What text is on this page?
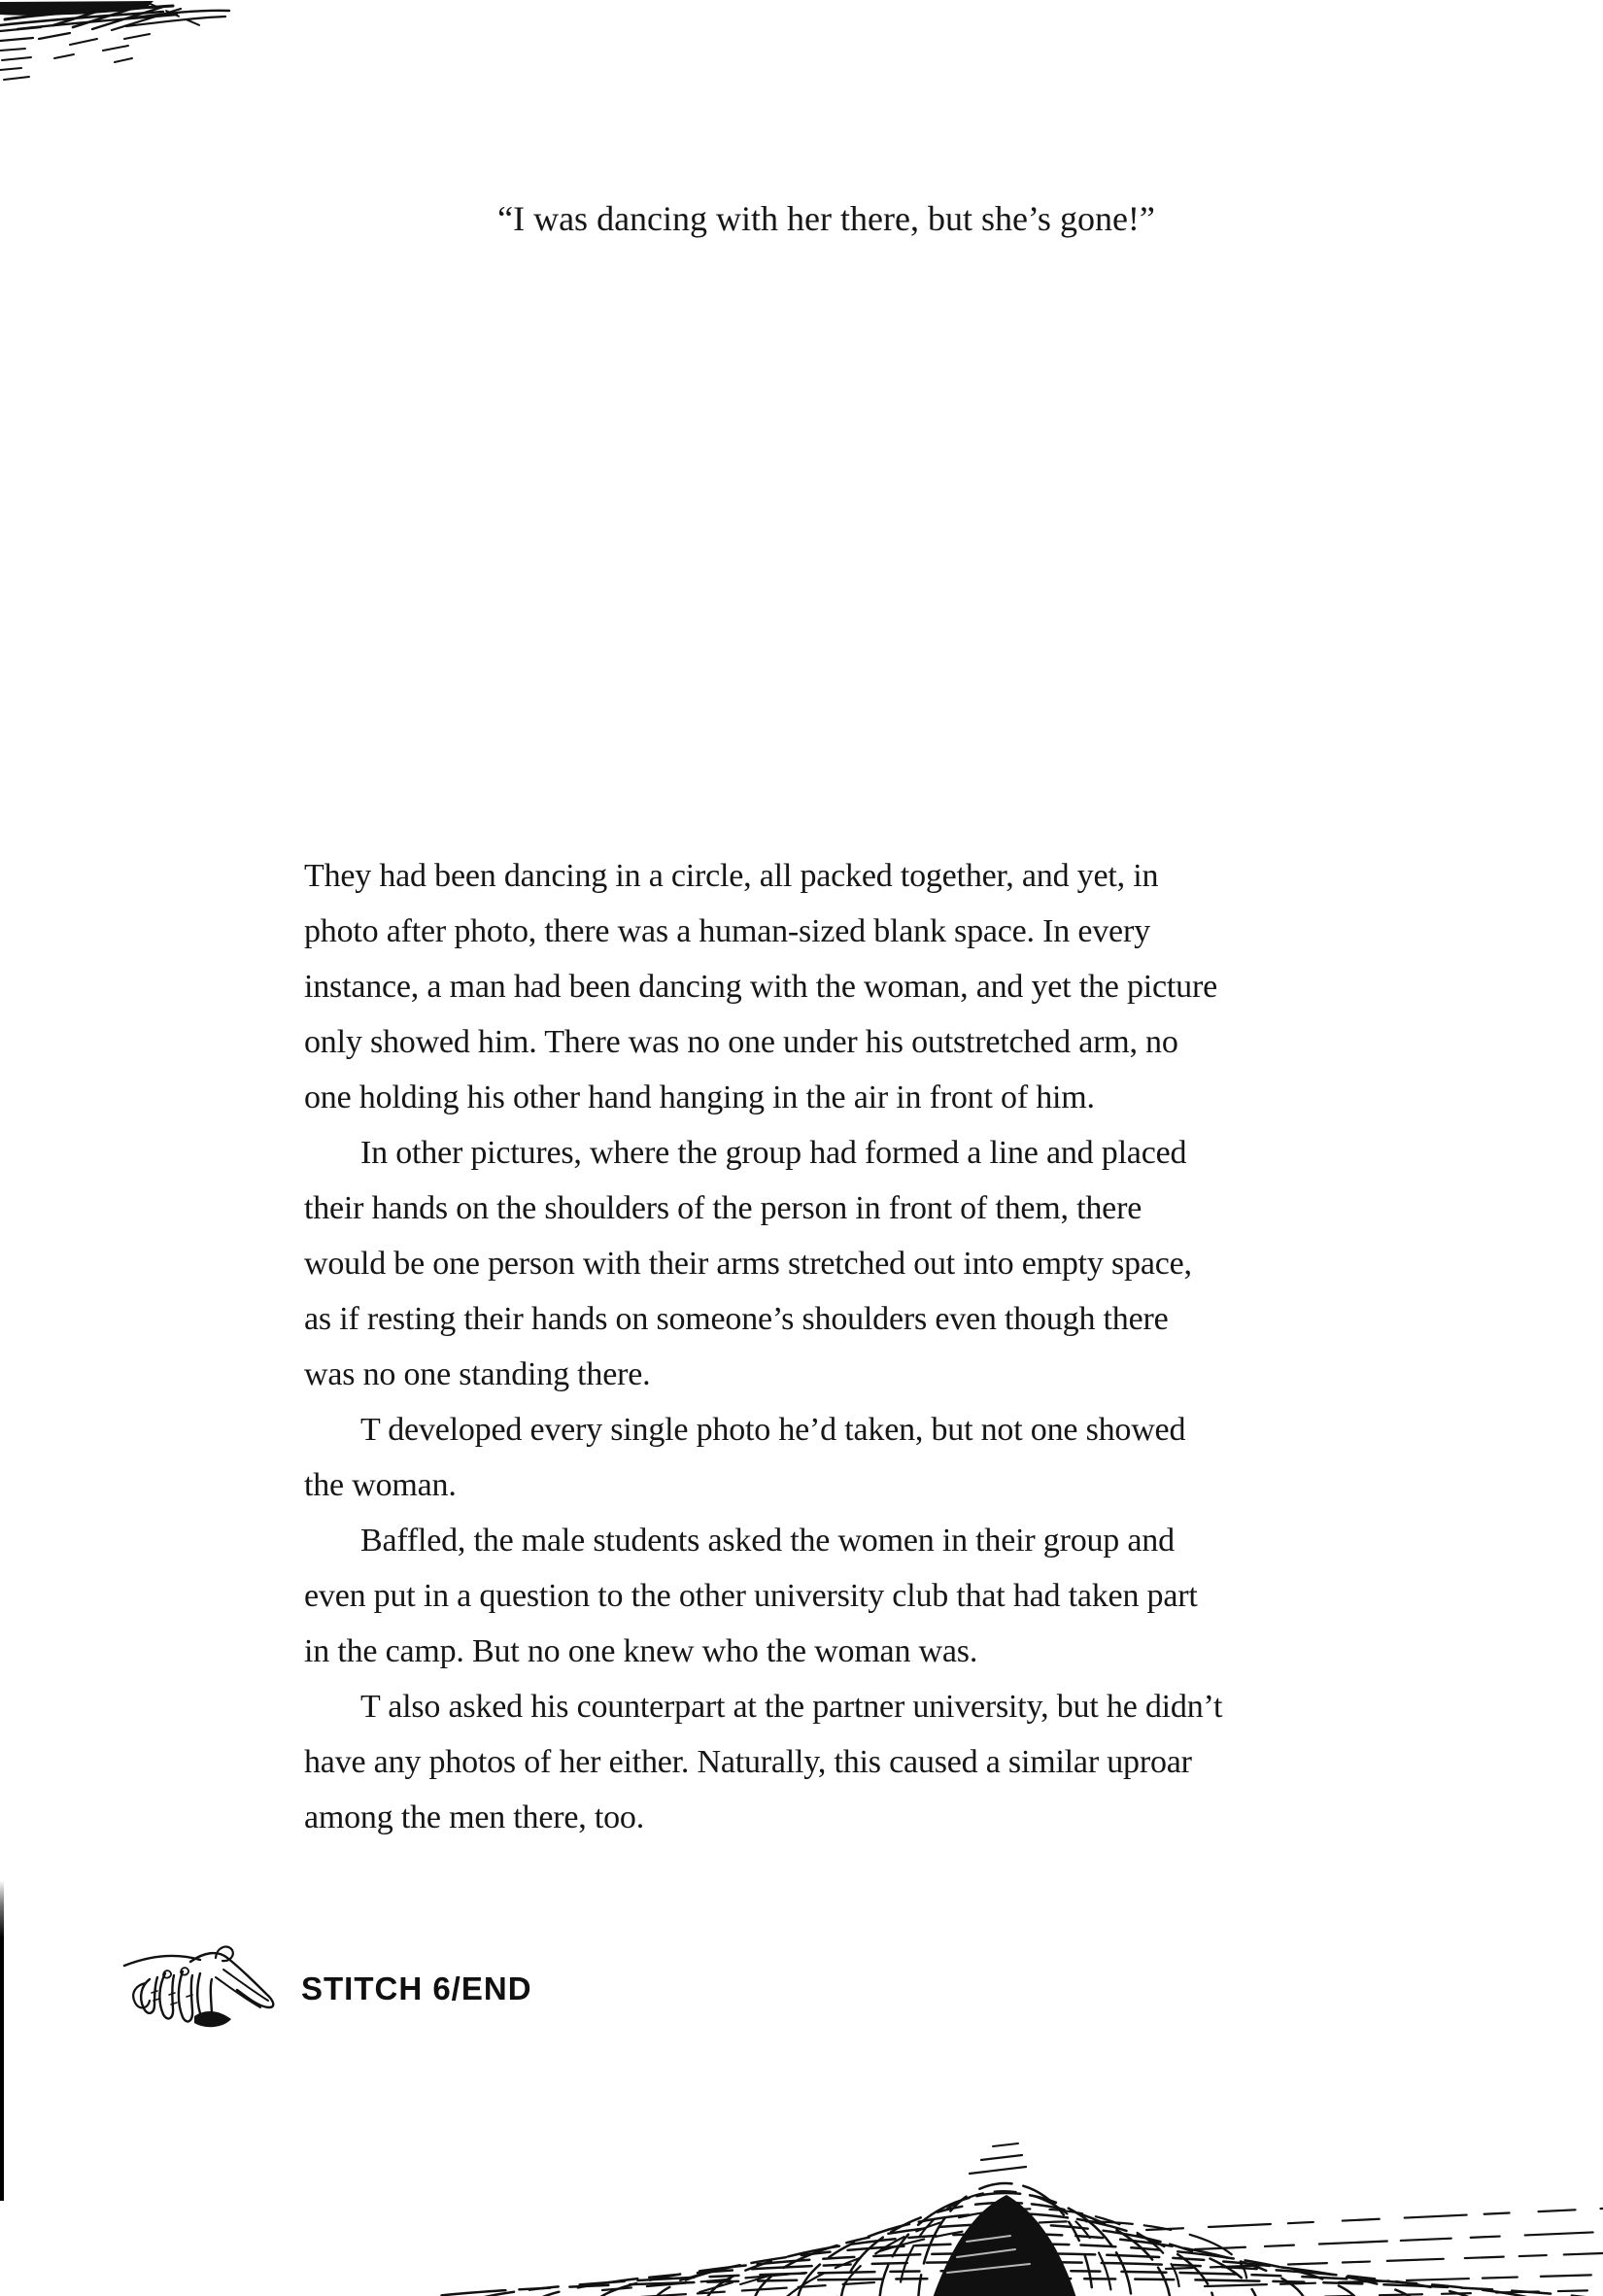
“I was dancing with her there, but she’s gone!”
They had been dancing in a circle, all packed together, and yet, in
photo after photo, there was a human-sized blank space. In every
instance, a man had been dancing with the woman, and yet the picture
only showed him. There was no one under his outstretched arm, no
one holding his other hand hanging in the air in front of him.
In other pictures, where the group had formed a line and placed
their hands on the shoulders of the person in front of them, there
would be one person with their arms stretched out into empty space,
as if resting their hands on someone’s shoulders even though there
was no one standing there.
T developed every single photo he’d taken, but not one showed
the woman.
Baffled, the male students asked the women in their group and
even put in a question to the other university club that had taken part
in the camp. But no one knew who the woman was.
T also asked his counterpart at the partner university, but he didn’t
have any photos of her either. Naturally, this caused a similar uproar
among the men there, too.
STITCH 6/END
